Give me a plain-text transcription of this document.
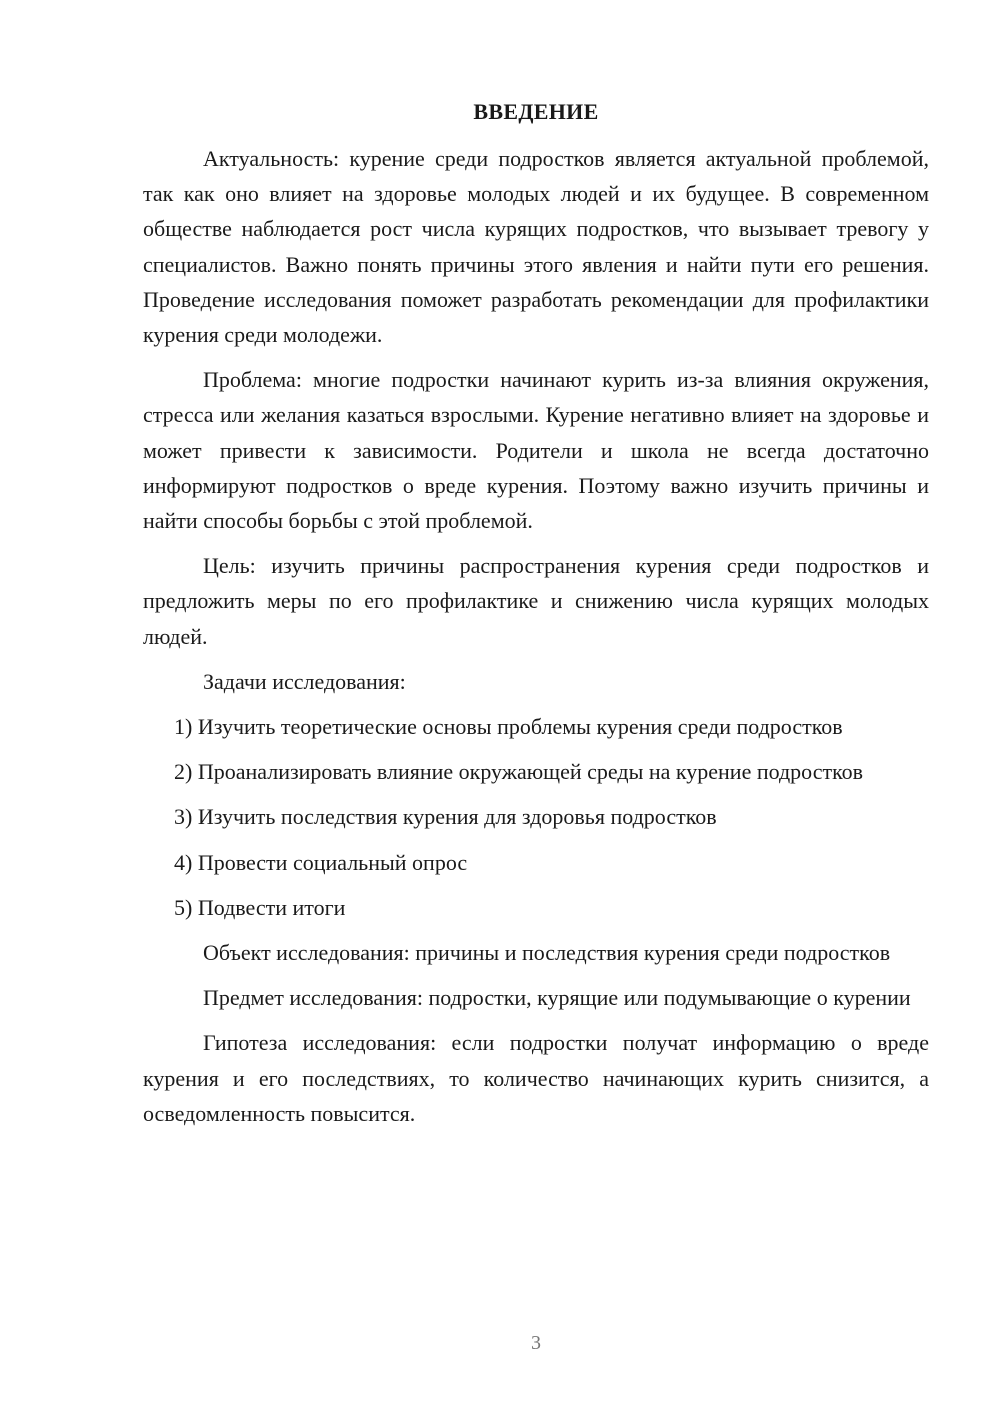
ВВЕДЕНИЕ

Актуальность: курение среди подростков является актуальной проблемой, так как оно влияет на здоровье молодых людей и их будущее. В современном обществе наблюдается рост числа курящих подростков, что вызывает тревогу у специалистов. Важно понять причины этого явления и найти пути его решения. Проведение исследования поможет разработать рекомендации для профилактики курения среди молодежи.

Проблема: многие подростки начинают курить из-за влияния окружения, стресса или желания казаться взрослыми. Курение негативно влияет на здоровье и может привести к зависимости. Родители и школа не всегда достаточно информируют подростков о вреде курения. Поэтому важно изучить причины и найти способы борьбы с этой проблемой.

Цель: изучить причины распространения курения среди подростков и предложить меры по его профилактике и снижению числа курящих молодых людей.

Задачи исследования:

1) Изучить теоретические основы проблемы курения среди подростков

2) Проанализировать влияние окружающей среды на курение подростков

3) Изучить последствия курения для здоровья подростков

4) Провести социальный опрос

5) Подвести итоги

Объект исследования: причины и последствия курения среди подростков

Предмет исследования: подростки, курящие или подумывающие о курении

Гипотеза исследования: если подростки получат информацию о вреде курения и его последствиях, то количество начинающих курить снизится, а осведомленность повысится.

3
